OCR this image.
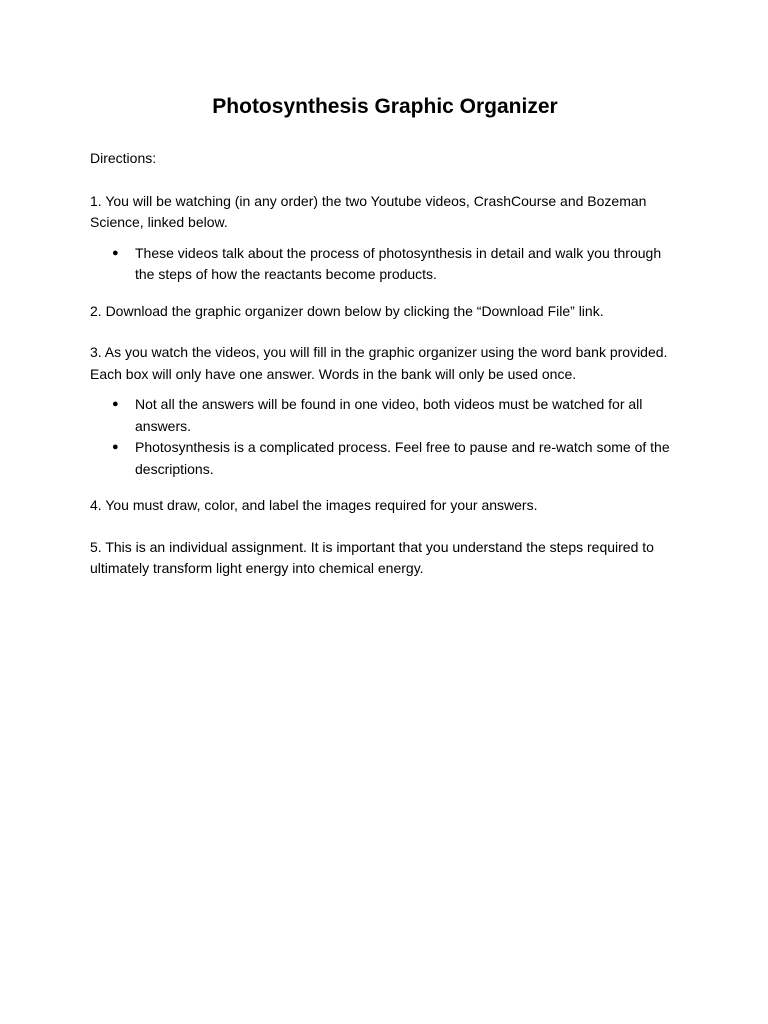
Photosynthesis Graphic Organizer

Directions:

1. You will be watching (in any order) the two Youtube videos, CrashCourse and Bozeman Science, linked below.

● These videos talk about the process of photosynthesis in detail and walk you through the steps of how the reactants become products.

2. Download the graphic organizer down below by clicking the “Download File” link.

3. As you watch the videos, you will fill in the graphic organizer using the word bank provided. Each box will only have one answer. Words in the bank will only be used once.

● Not all the answers will be found in one video, both videos must be watched for all answers.
● Photosynthesis is a complicated process. Feel free to pause and re-watch some of the descriptions.

4. You must draw, color, and label the images required for your answers.

5. This is an individual assignment. It is important that you understand the steps required to ultimately transform light energy into chemical energy.
